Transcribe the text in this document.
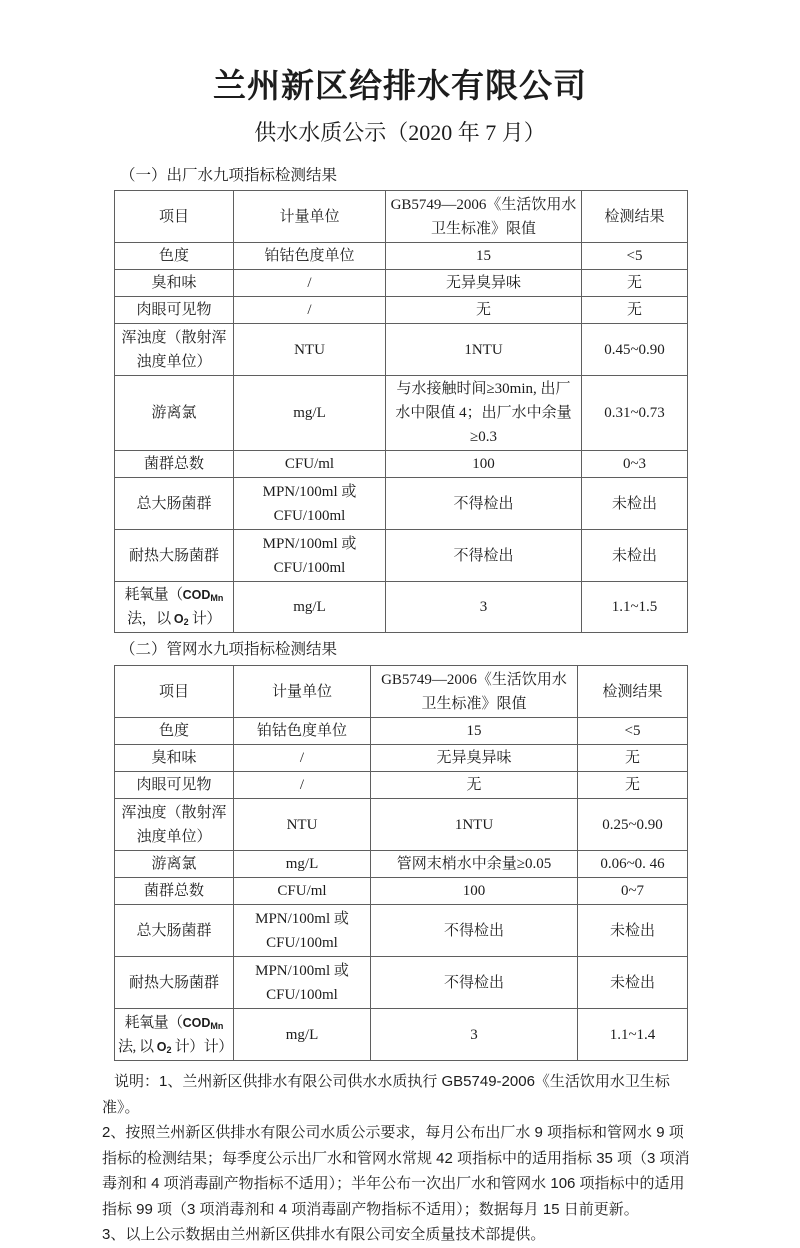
兰州新区给排水有限公司
供水水质公示（2020 年 7 月）
（一）出厂水九项指标检测结果
项目	计量单位	GB5749—2006《生活饮用水卫生标准》限值	检测结果
色度	铂钴色度单位	15	<5
臭和味	/	无异臭异味	无
肉眼可见物	/	无	无
浑浊度（散射浑浊度单位）	NTU	1NTU	0.45~0.90
游离氯	mg/L	与水接触时间≥30min, 出厂水中限值 4；出厂水中余量≥0.3	0.31~0.73
菌群总数	CFU/ml	100	0~3
总大肠菌群	MPN/100ml 或 CFU/100ml	不得检出	未检出
耐热大肠菌群	MPN/100ml 或 CFU/100ml	不得检出	未检出

耗氧量（$COD_{Mn}$
法，以 $O_2$ 计）	mg/L	3	1.1~1.5
（二）管网水九项指标检测结果
项目	计量单位	GB5749—2006《生活饮用水卫生标准》限值	检测结果
色度	铂钴色度单位	15	<5
臭和味	/	无异臭异味	无
肉眼可见物	/	无	无
浑浊度（散射浑浊度单位）	NTU	1NTU	0.25~0.90
游离氯	mg/L	管网末梢水中余量≥0.05	0.06~0. 46
菌群总数	CFU/ml	100	0~7
总大肠菌群	MPN/100ml 或 CFU/100ml	不得检出	未检出
耐热大肠菌群	MPN/100ml 或 CFU/100ml	不得检出	未检出

耗氧量（$COD_{Mn}$
法, 以 $O_2$ 计）计）	mg/L	3	1.1~1.4

说明：1、兰州新区供排水有限公司供水水质执行 GB5749-2006《生活饮用水卫生标准》。

2、按照兰州新区供排水有限公司水质公示要求，每月公布出厂水 9 项指标和管网水 9 项指标的检测结果；每季度公示出厂水和管网水常规 42 项指标中的适用指标 35 项（3 项消毒剂和 4 项消毒副产物指标不适用）；半年公布一次出厂水和管网水 106 项指标中的适用指标 99 项（3 项消毒剂和 4 项消毒副产物指标不适用）；数据每月 15 日前更新。

3、以上公示数据由兰州新区供排水有限公司安全质量技术部提供。
